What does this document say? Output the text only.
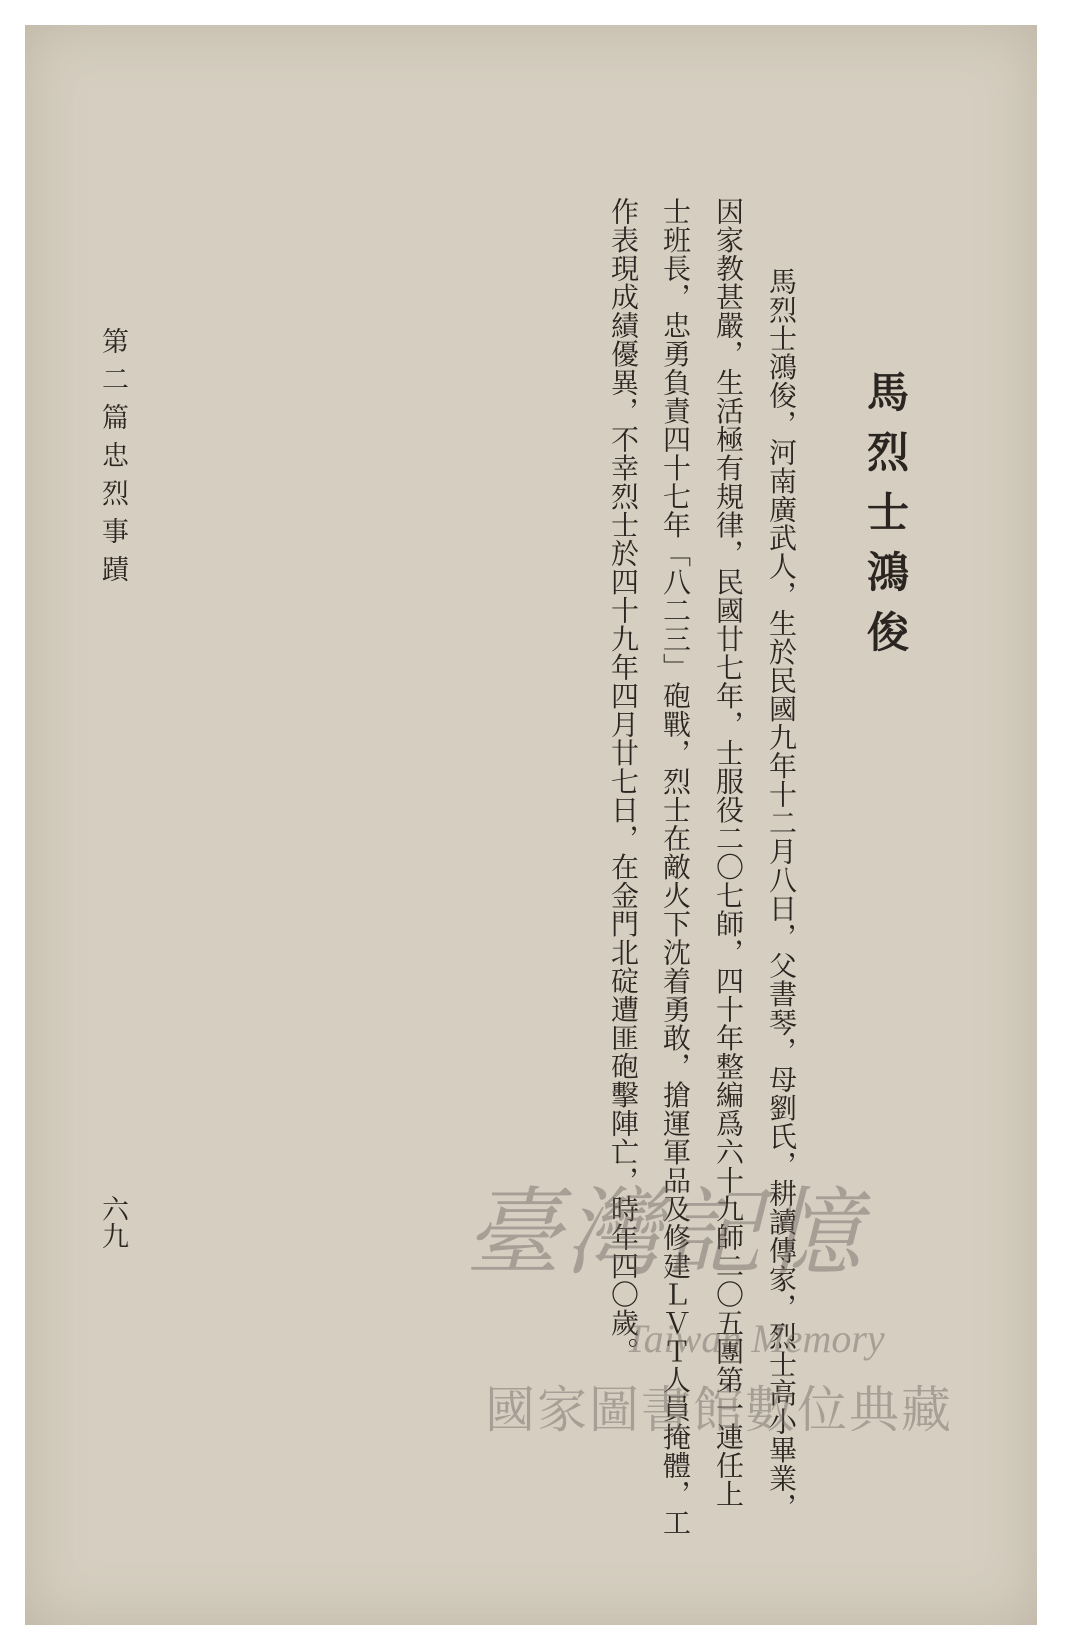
馬烈士鴻俊
馬烈士鴻俊，河南廣武人，生於民國九年十二月八日，父書琴，母劉氏，耕讀傳家，烈士高小畢業，
因家教甚嚴，生活極有規律，民國廿七年，士服役二〇七師，四十年整編爲六十九師二〇五團第一連任上
士班長，忠勇負責四十七年「八二三」砲戰，烈士在敵火下沈着勇敢，搶運軍品及修建ＬＶＴ人員掩體，工
作表現成績優異，不幸烈士於四十九年四月廿七日，在金門北碇遭匪砲擊陣亡，時年四〇歲。
第二篇忠烈事蹟
六九	臺灣記憶
Taiwan Memory
國家圖書館數位典藏
